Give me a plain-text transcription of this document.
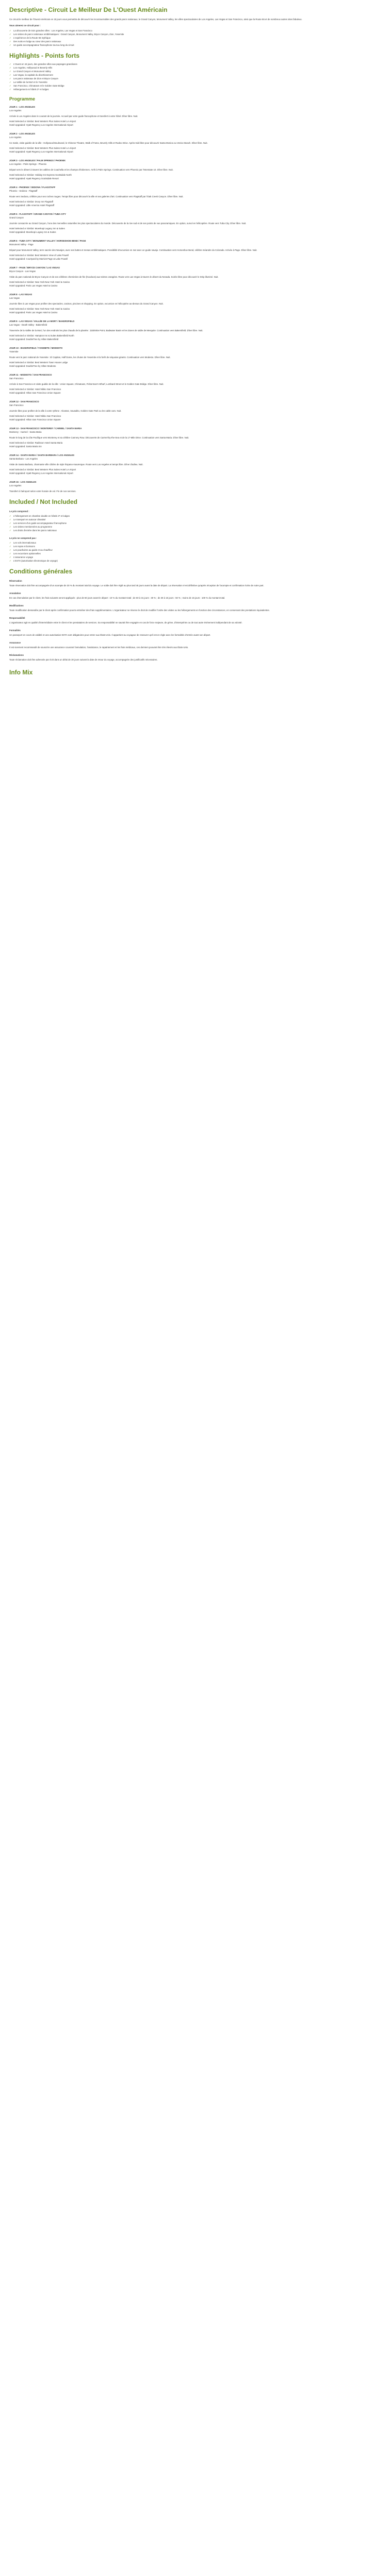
Descriptive - Circuit Le Meilleur De L'Ouest Américain

Ce circuit le meilleur de l'Ouest Américain en 15 jours vous permettra de découvrir les incontournables des grands parcs nationaux, le Grand Canyon, Monument Valley, les villes spectaculaires de Los Angeles, Las Vegas et San Francisco, ainsi que la Route 66 et de nombreux autres sites fabuleux.

Vous aimerez ce circuit pour :

✓ La découverte de trois grandes villes : Los Angeles, Las Vegas et San Francisco
✓ Les visites de parcs nationaux emblématiques : Grand Canyon, Monument Valley, Bryce Canyon, Zion, Yosemite
✓ L'expérience de la Route 66 mythique
✓ Des nuits en lodge au cœur des parcs nationaux
✓ Un guide accompagnateur francophone tout au long du circuit
Highlights - Points forts
✓ L'Ouest en 15 jours, des grandes villes aux paysages grandioses
✓ Los Angeles, Hollywood et Beverly Hills
✓ Le Grand Canyon et Monument Valley
✓ Las Vegas, la capitale du divertissement
✓ Les parcs nationaux de Zion et Bryce Canyon
✓ La Vallée de la Mort et le Yosemite
✓ San Francisco, Chinatown et le Golden Gate Bridge
✓ Hébergement en hôtels 3* et lodges
Programme

JOUR 1 - LOS ANGELES

Los Angeles

Arrivée à Los Angeles dans le courant de la journée. Accueil par votre guide francophone et transfert à votre hôtel. Dîner libre. Nuit.

Hotel Selected or Similar: Best Western Plus Suites Hotel LA Airport

Hotel Upgraded: Hyatt Regency Los Angeles International Airport

JOUR 2 - LOS ANGELES

Los Angeles

Ce matin, visite guidée de la ville : Hollywood Boulevard, le Chinese Theatre, Walk of Fame, Beverly Hills et Rodeo Drive. Après-midi libre pour découvrir Santa Monica ou Venice Beach. Dîner libre. Nuit.

Hotel Selected or Similar: Best Western Plus Suites Hotel LA Airport

Hotel Upgraded: Hyatt Regency Los Angeles International Airport

JOUR 3 - LOS ANGELES / PALM SPRINGS / PHOENIX

Los Angeles - Palm Springs - Phoenix

Départ vers le désert à travers les vallées de Coachella et les champs d'éoliennes. Arrêt à Palm Springs. Continuation vers Phoenix par l'Interstate 10. Dîner libre. Nuit.

Hotel Selected or Similar: Holiday Inn Express Scottsdale North

Hotel Upgraded: Hyatt Regency Scottsdale Resort

JOUR 4 - PHOENIX / SEDONA / FLAGSTAFF

Phoenix - Sedona - Flagstaff

Route vers Sedona, célèbre pour ses roches rouges. Temps libre pour découvrir la ville et ses galeries d'art. Continuation vers Flagstaff par l'Oak Creek Canyon. Dîner libre. Nuit.

Hotel Selected or Similar: Drury Inn Flagstaff

Hotel Upgraded: Little America Hotel Flagstaff

JOUR 5 - FLAGSTAFF / GRAND CANYON / TUBA CITY

Grand Canyon

Journée consacrée au Grand Canyon, l'une des merveilles naturelles les plus spectaculaires du monde. Découverte de la rive sud et de ses points de vue panoramiques. En option, survol en hélicoptère. Route vers Tuba City. Dîner libre. Nuit.

Hotel Selected or Similar: Moenkopi Legacy Inn & Suites

Hotel Upgraded: Moenkopi Legacy Inn & Suites

JOUR 6 - TUBA CITY / MONUMENT VALLEY / HORSESHOE BEND / PAGE

Monument Valley - Page

Départ pour Monument Valley, terre sacrée des Navajos, avec ses buttes et mesas emblématiques. Possibilité d'excursion en 4x4 avec un guide navajo. Continuation vers Horseshoe Bend, célèbre méandre du Colorado. Arrivée à Page. Dîner libre. Nuit.

Hotel Selected or Similar: Best Western View of Lake Powell

Hotel Upgraded: Courtyard by Marriott Page at Lake Powell

JOUR 7 - PAGE / BRYCE CANYON / LAS VEGAS

Bryce Canyon - Las Vegas

Visite du parc national de Bryce Canyon et de ses célèbres cheminées de fée (hoodoos) aux teintes orangées. Route vers Las Vegas à travers le désert du Nevada. Soirée libre pour découvrir le Strip illuminé. Nuit.

Hotel Selected or Similar: New York-New York Hotel & Casino

Hotel Upgraded: Paris Las Vegas Hotel & Casino

JOUR 8 - LAS VEGAS

Las Vegas

Journée libre à Las Vegas pour profiter des spectacles, casinos, piscines et shopping. En option, excursion en hélicoptère au-dessus du Grand Canyon. Nuit.

Hotel Selected or Similar: New York-New York Hotel & Casino

Hotel Upgraded: Paris Las Vegas Hotel & Casino

JOUR 9 - LAS VEGAS / VALLÉE DE LA MORT / BAKERSFIELD

Las Vegas - Death Valley - Bakersfield

Traversée de la Vallée de la Mort, l'un des endroits les plus chauds de la planète : Zabriskie Point, Badwater Basin et les dunes de sable de Mesquite. Continuation vers Bakersfield. Dîner libre. Nuit.

Hotel Selected or Similar: Hampton Inn & Suites Bakersfield North

Hotel Upgraded: DoubleTree by Hilton Bakersfield

JOUR 10 - BAKERSFIELD / YOSEMITE / MODESTO

Yosemite

Route vers le parc national de Yosemite : El Capitan, Half Dome, les chutes de Yosemite et la forêt de séquoias géants. Continuation vers Modesto. Dîner libre. Nuit.

Hotel Selected or Similar: Best Western Town House Lodge

Hotel Upgraded: DoubleTree by Hilton Modesto

JOUR 11 - MODESTO / SAN FRANCISCO

San Francisco

Arrivée à San Francisco et visite guidée de la ville : Union Square, Chinatown, Fisherman's Wharf, Lombard Street et le Golden Gate Bridge. Dîner libre. Nuit.

Hotel Selected or Similar: Hotel Nikko San Francisco

Hotel Upgraded: Hilton San Francisco Union Square

JOUR 12 - SAN FRANCISCO

San Francisco

Journée libre pour profiter de la ville à votre rythme : Alcatraz, Sausalito, Golden Gate Park ou les cable cars. Nuit.

Hotel Selected or Similar: Hotel Nikko San Francisco

Hotel Upgraded: Hilton San Francisco Union Square

JOUR 13 - SAN FRANCISCO / MONTEREY / CARMEL / SANTA MARIA

Monterey - Carmel - Santa Maria

Route le long de la côte Pacifique vers Monterey et sa célèbre Cannery Row. Découverte de Carmel-by-the-Sea et de la 17-Mile Drive. Continuation vers Santa Maria. Dîner libre. Nuit.

Hotel Selected or Similar: Radisson Hotel Santa Maria

Hotel Upgraded: Santa Maria Inn

JOUR 14 - SANTA MARIA / SANTA BARBARA / LOS ANGELES

Santa Barbara - Los Angeles

Visite de Santa Barbara, charmante ville côtière de style hispano-mauresque. Route vers Los Angeles et temps libre. Dîner d'adieu. Nuit.

Hotel Selected or Similar: Best Western Plus Suites Hotel LA Airport

Hotel Upgraded: Hyatt Regency Los Angeles International Airport

JOUR 15 - LOS ANGELES

Los Angeles

Transfert à l'aéroport selon votre horaire de vol. Fin de nos services.

Included / Not Included

Le prix comprend :

✓ L'hébergement en chambre double en hôtels 3* et lodges
✓ Le transport en autocar climatisé
✓ Les services d'un guide accompagnateur francophone
✓ Les visites mentionnées au programme
✓ Les droits d'entrée dans les parcs nationaux

Le prix ne comprend pas :

✓ Les vols internationaux
✓ Les repas et boissons
✓ Les pourboires au guide et au chauffeur
✓ Les excursions optionnelles
✓ L'assurance voyage
✓ L'ESTA (autorisation électronique de voyage)
Conditions générales

Réservation

Toute réservation doit être accompagnée d'un acompte de 30 % du montant total du voyage. Le solde doit être réglé au plus tard 45 jours avant la date de départ. La réservation n'est définitive qu'après réception de l'acompte et confirmation écrite de notre part.

Annulation

En cas d'annulation par le client, les frais suivants seront appliqués : plus de 60 jours avant le départ : 10 % du montant total ; de 60 à 31 jours : 30 % ; de 30 à 15 jours : 50 % ; moins de 15 jours : 100 % du montant total.

Modifications

Toute modification demandée par le client après confirmation pourra entraîner des frais supplémentaires. L'organisateur se réserve le droit de modifier l'ordre des visites ou les hébergements en fonction des circonstances, en conservant des prestations équivalentes.

Responsabilité

L'organisateur agit en qualité d'intermédiaire entre le client et les prestataires de services. Sa responsabilité ne saurait être engagée en cas de force majeure, de grève, d'intempéries ou de tout autre événement indépendant de sa volonté.

Formalités

Un passeport en cours de validité et une autorisation ESTA sont obligatoires pour entrer aux États-Unis. Il appartient au voyageur de s'assurer qu'il est en règle avec les formalités d'entrée avant son départ.

Assurance

Il est vivement recommandé de souscrire une assurance couvrant l'annulation, l'assistance, le rapatriement et les frais médicaux, ces derniers pouvant être très élevés aux États-Unis.

Réclamations

Toute réclamation doit être adressée par écrit dans un délai de 30 jours suivant la date de retour du voyage, accompagnée des justificatifs nécessaires.

Info Mix
